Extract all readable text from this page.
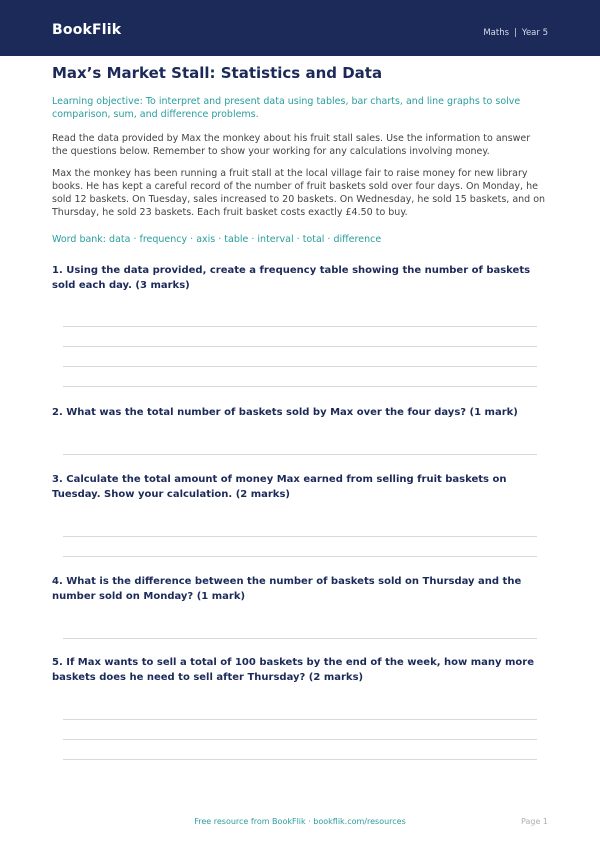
BookFlik	Maths | Year 5
Max’s Market Stall: Statistics and Data
Learning objective: To interpret and present data using tables, bar charts, and line graphs to solve comparison, sum, and difference problems.
Read the data provided by Max the monkey about his fruit stall sales. Use the information to answer the questions below. Remember to show your working for any calculations involving money.
Max the monkey has been running a fruit stall at the local village fair to raise money for new library books. He has kept a careful record of the number of fruit baskets sold over four days. On Monday, he sold 12 baskets. On Tuesday, sales increased to 20 baskets. On Wednesday, he sold 15 baskets, and on Thursday, he sold 23 baskets. Each fruit basket costs exactly £4.50 to buy.
Word bank: data · frequency · axis · table · interval · total · difference
1. Using the data provided, create a frequency table showing the number of baskets sold each day. (3 marks)
2. What was the total number of baskets sold by Max over the four days? (1 mark)
3. Calculate the total amount of money Max earned from selling fruit baskets on Tuesday. Show your calculation. (2 marks)
4. What is the difference between the number of baskets sold on Thursday and the number sold on Monday? (1 mark)
5. If Max wants to sell a total of 100 baskets by the end of the week, how many more baskets does he need to sell after Thursday? (2 marks)
Free resource from BookFlik · bookflik.com/resources	Page 1
